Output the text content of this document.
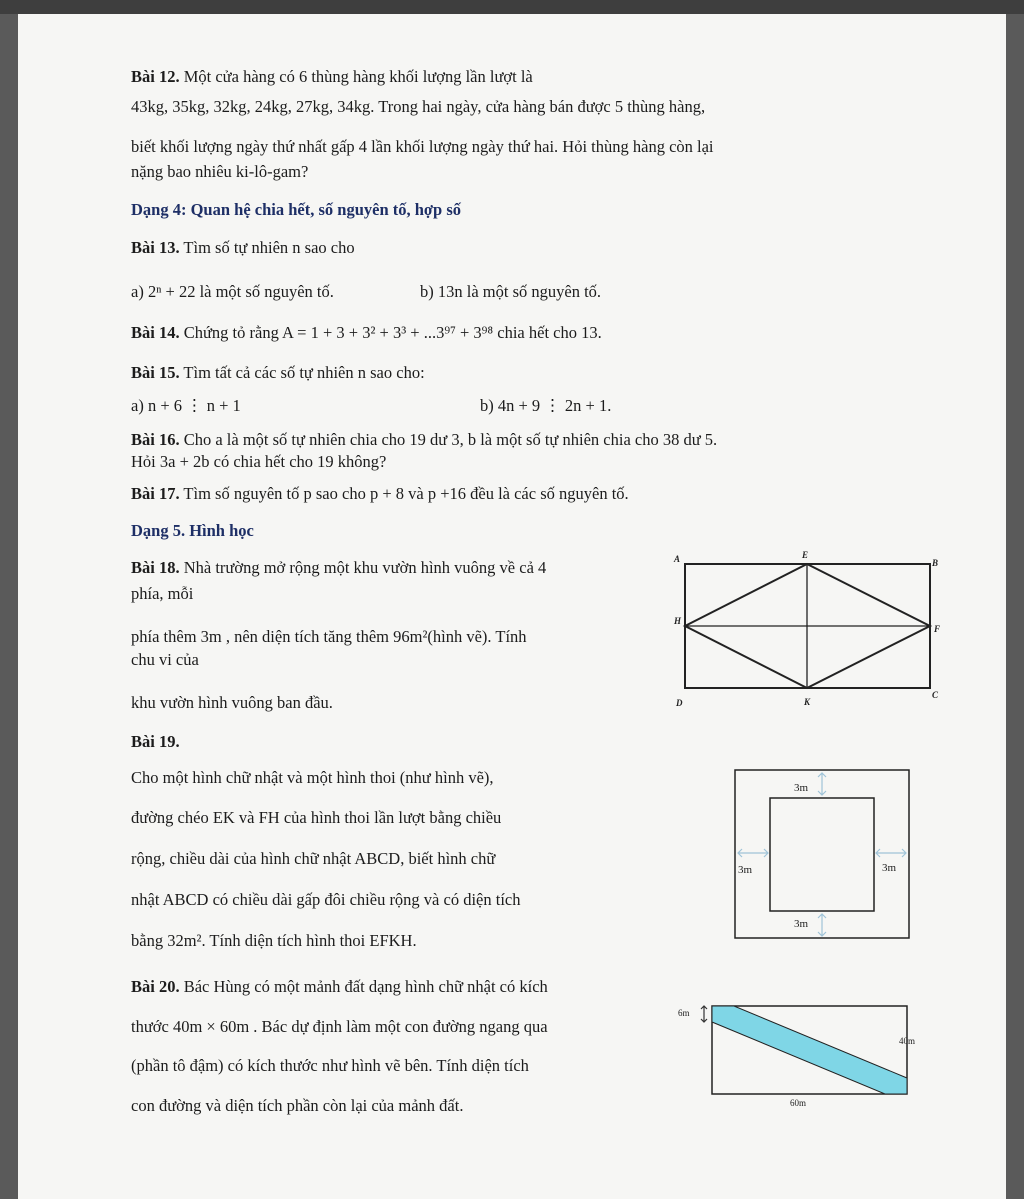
Bài 12. Một cửa hàng có 6 thùng hàng khối lượng lần lượt là
43kg, 35kg, 32kg, 24kg, 27kg, 34kg. Trong hai ngày, cửa hàng bán được 5 thùng hàng,
biết khối lượng ngày thứ nhất gấp 4 lần khối lượng ngày thứ hai. Hỏi thùng hàng còn lại
nặng bao nhiêu ki-lô-gam?
Dạng 4: Quan hệ chia hết, số nguyên tố, hợp số
Bài 13. Tìm số tự nhiên n sao cho
a) 2ⁿ + 22 là một số nguyên tố.	b) 13n là một số nguyên tố.
Bài 14. Chứng tỏ rằng A = 1 + 3 + 3² + 3³ + ...3⁹⁷ + 3⁹⁸ chia hết cho 13.
Bài 15. Tìm tất cả các số tự nhiên n sao cho:
a) n + 6 ⋮ n + 1	b) 4n + 9 ⋮ 2n + 1.
Bài 16. Cho a là một số tự nhiên chia cho 19 dư 3, b là một số tự nhiên chia cho 38 dư 5.
Hỏi 3a + 2b có chia hết cho 19 không?
Bài 17. Tìm số nguyên tố p sao cho p + 8 và p +16 đều là các số nguyên tố.
Dạng 5. Hình học
Bài 18. Nhà trường mở rộng một khu vườn hình vuông về cả 4
phía, mỗi
phía thêm 3m , nên diện tích tăng thêm 96m²(hình vẽ). Tính
chu vi của
khu vườn hình vuông ban đầu.
A	E
B
H
F
D	K
C
Bài 19.
Cho một hình chữ nhật và một hình thoi (như hình vẽ),
đường chéo EK và FH của hình thoi lần lượt bằng chiều
rộng, chiều dài của hình chữ nhật ABCD, biết hình chữ
nhật ABCD có chiều dài gấp đôi chiều rộng và có diện tích
bằng 32m². Tính diện tích hình thoi EFKH.
3m
3m	3m
3m
Bài 20. Bác Hùng có một mảnh đất dạng hình chữ nhật có kích
thước 40m × 60m . Bác dự định làm một con đường ngang qua
(phần tô đậm) có kích thước như hình vẽ bên. Tính diện tích
con đường và diện tích phần còn lại của mảnh đất.
6m
40m
60m
